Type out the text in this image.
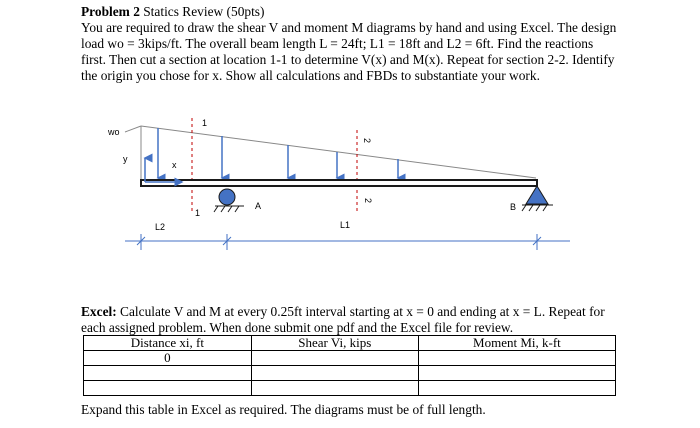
Problem 2 Statics Review (50pts)
You are required to draw the shear V and moment M diagrams by hand and using Excel. The design load wo = 3kips/ft. The overall beam length L = 24ft; L1 = 18ft and L2 = 6ft. Find the reactions first. Then cut a section at location 1-1 to determine V(x) and M(x). Repeat for section 2-2. Identify the origin you chose for x. Show all calculations and FBDs to substantiate your work.
wo
y
x
1
1
2
2
A	B
L1
L2
Excel: Calculate V and M at every 0.25ft interval starting at x = 0 and ending at x = L. Repeat for each assigned problem. When done submit one pdf and the Excel file for review.
Distance xi, ft	Shear Vi, kips	Moment Mi, k-ft
0		

Expand this table in Excel as required. The diagrams must be of full length.
